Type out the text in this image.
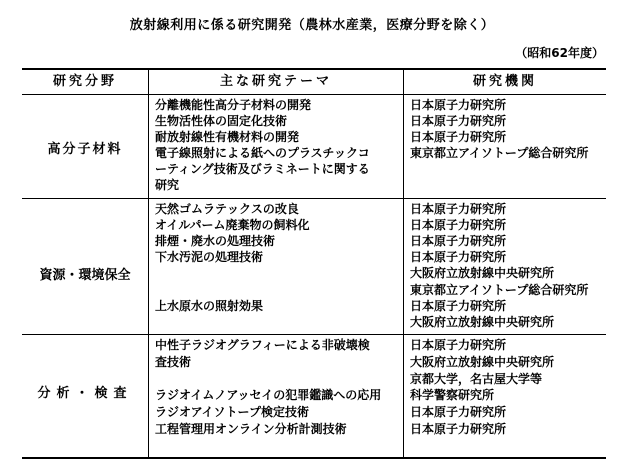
放射線利用に係る研究開発（農林水産業，医療分野を除く）
（昭和62年度）
研究分野	主な研究テーマ	研究機関
高分子材料
分離機能性高分子材料の開発
生物活性体の固定化技術
耐放射線性有機材料の開発
電子線照射による紙へのプラスチックコ
ーティング技術及びラミネートに関する
研究
日本原子力研究所
日本原子力研究所
日本原子力研究所
東京都立アイソトープ総合研究所
資源・環境保全
天然ゴムラテックスの改良
オイルパーム廃棄物の飼料化
排煙・廃水の処理技術
下水汚泥の処理技術
上水原水の照射効果
日本原子力研究所
日本原子力研究所
日本原子力研究所
日本原子力研究所
大阪府立放射線中央研究所
東京都立アイソトープ総合研究所
日本原子力研究所
大阪府立放射線中央研究所
分析・検査
中性子ラジオグラフィーによる非破壊検
査技術
ラジオイムノアッセイの犯罪鑑識への応用
ラジオアイソトープ検定技術
工程管理用オンライン分析計測技術
日本原子力研究所
大阪府立放射線中央研究所
京都大学，名古屋大学等
科学警察研究所
日本原子力研究所
日本原子力研究所
